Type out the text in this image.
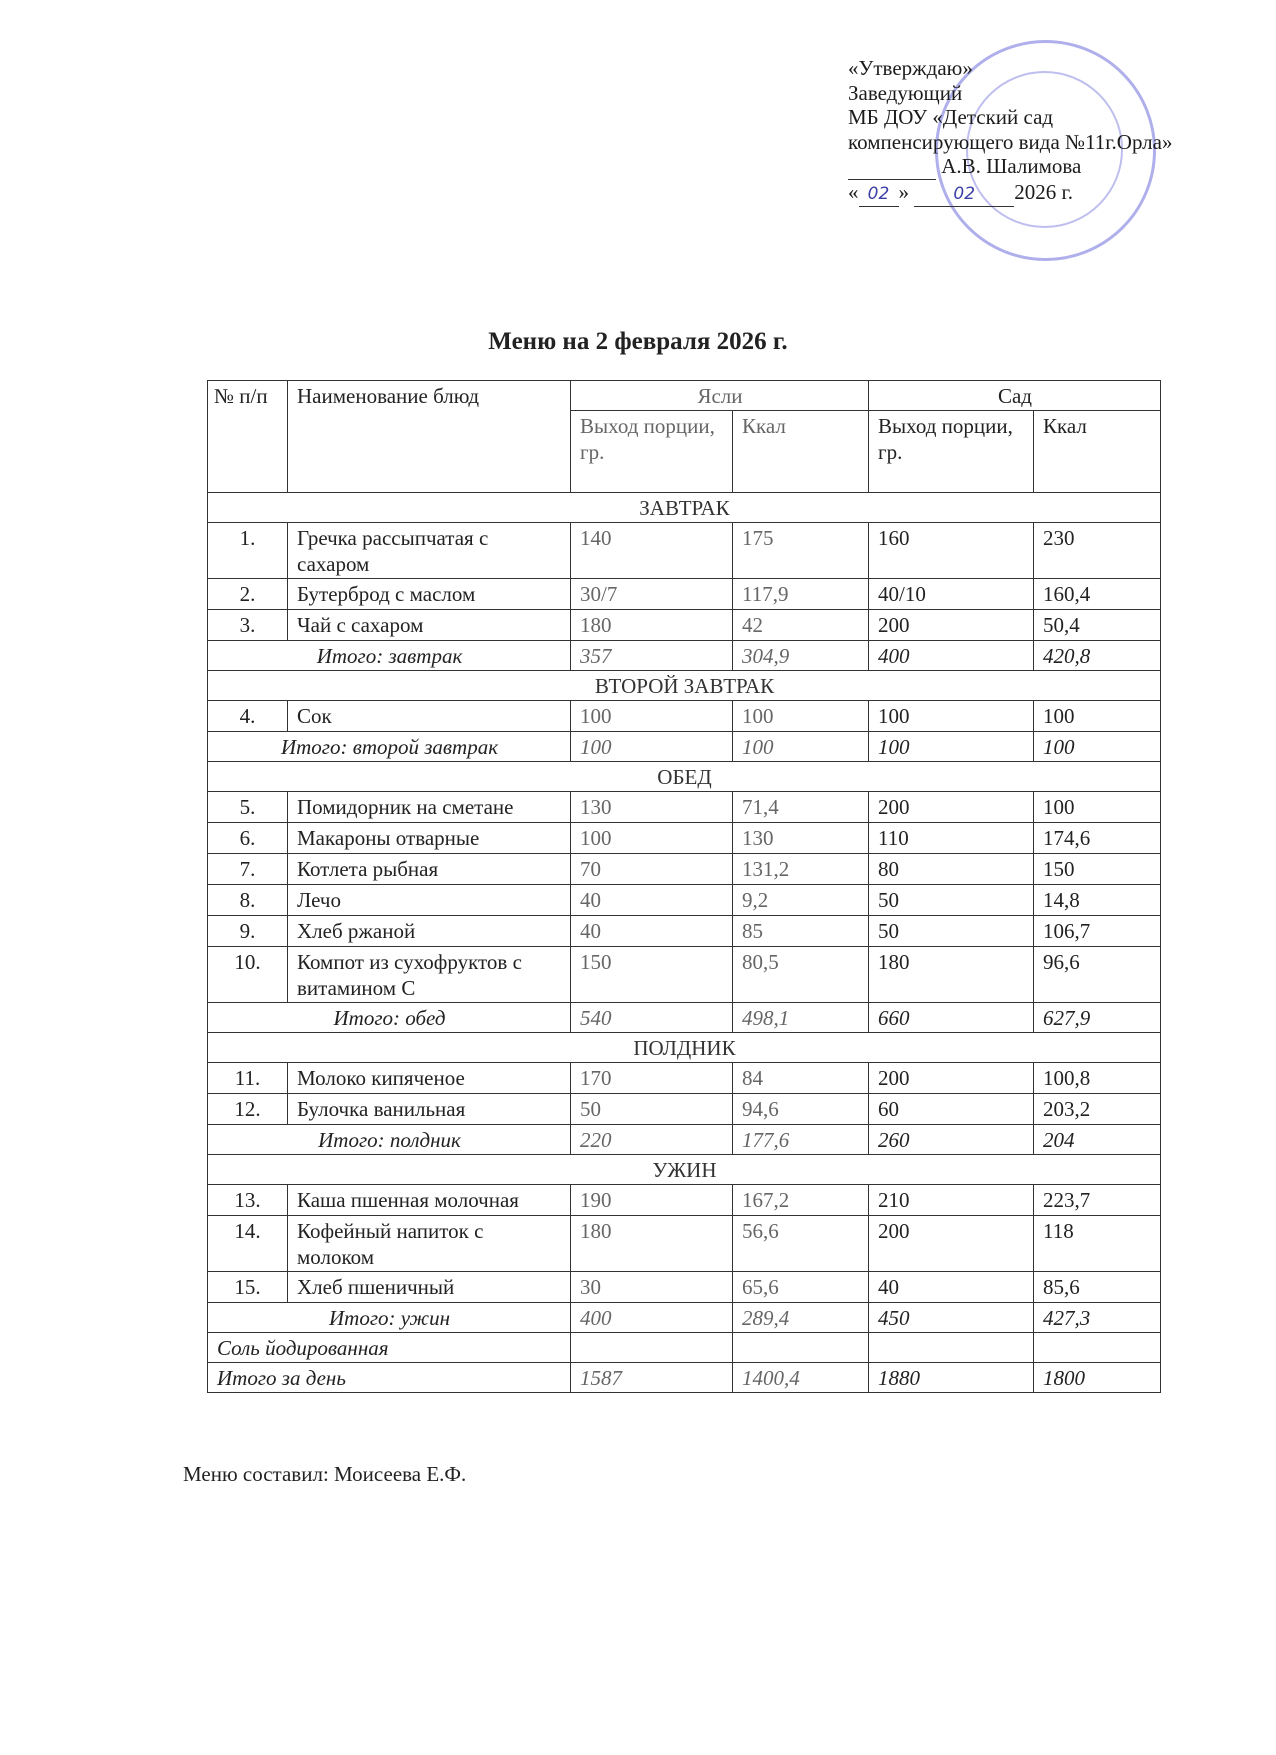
«Утверждаю»
Заведующий
МБ ДОУ «Детский сад
компенсирующего вида №11г.Орла»
А.В. Шалимова
« 02 » 02 2026 г.
Меню на 2 февраля 2026 г.
№ п/п	Наименование блюд	Ясли		Сад	
		Выход порции, гр.	Ккал	Выход порции, гр.	Ккал
ЗАВТРАК					
1.	Гречка рассыпчатая с сахаром	140	175	160	230
2.	Бутерброд с маслом	30/7	117,9	40/10	160,4
3.	Чай с сахаром	180	42	200	50,4
Итого: завтрак		357	304,9	400	420,8
ВТОРОЙ ЗАВТРАК					
4.	Сок	100	100	100	100
Итого: второй завтрак		100	100	100	100
ОБЕД					
5.	Помидорник на сметане	130	71,4	200	100
6.	Макароны отварные	100	130	110	174,6
7.	Котлета рыбная	70	131,2	80	150
8.	Лечо	40	9,2	50	14,8
9.	Хлеб ржаной	40	85	50	106,7
10.	Компот из сухофруктов с витамином С	150	80,5	180	96,6
Итого: обед		540	498,1	660	627,9
ПОЛДНИК					
11.	Молоко кипяченое	170	84	200	100,8
12.	Булочка ванильная	50	94,6	60	203,2
Итого: полдник		220	177,6	260	204
УЖИН					
13.	Каша пшенная молочная	190	167,2	210	223,7
14.	Кофейный напиток с молоком	180	56,6	200	118
15.	Хлеб пшеничный	30	65,6	40	85,6
Итого: ужин		400	289,4	450	427,3
Соль йодированная					
Итого за день		1587	1400,4	1880	1800
Меню составил: Моисеева Е.Ф.
